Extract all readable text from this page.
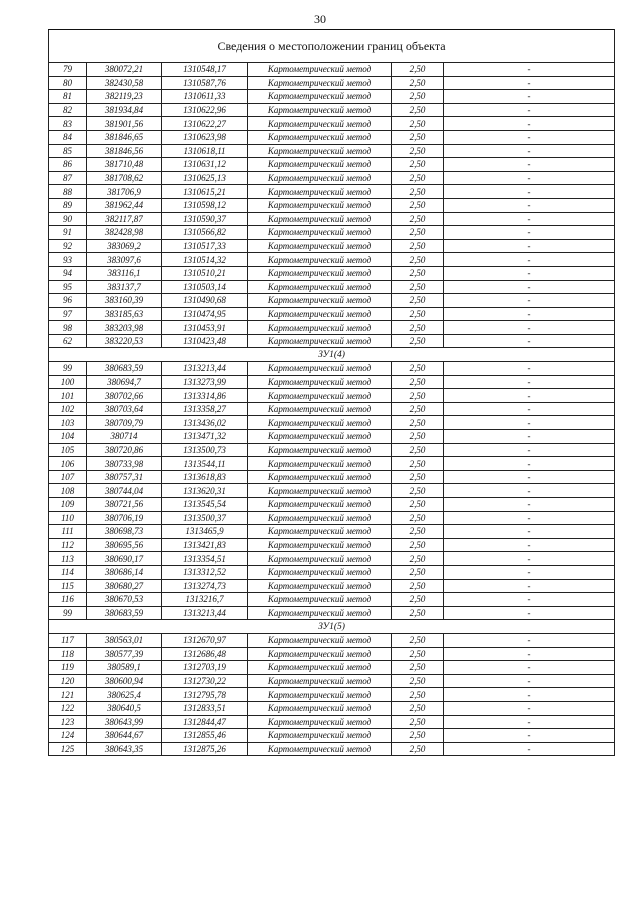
30
Сведения о местоположении границ объекта					
79	380072,21	1310548,17	Картометрический метод	2,50	-
80	382430,58	1310587,76	Картометрический метод	2,50	-
81	382119,23	1310611,33	Картометрический метод	2,50	-
82	381934,84	1310622,96	Картометрический метод	2,50	-
83	381901,56	1310622,27	Картометрический метод	2,50	-
84	381846,65	1310623,98	Картометрический метод	2,50	-
85	381846,56	1310618,11	Картометрический метод	2,50	-
86	381710,48	1310631,12	Картометрический метод	2,50	-
87	381708,62	1310625,13	Картометрический метод	2,50	-
88	381706,9	1310615,21	Картометрический метод	2,50	-
89	381962,44	1310598,12	Картометрический метод	2,50	-
90	382117,87	1310590,37	Картометрический метод	2,50	-
91	382428,98	1310566,82	Картометрический метод	2,50	-
92	383069,2	1310517,33	Картометрический метод	2,50	-
93	383097,6	1310514,32	Картометрический метод	2,50	-
94	383116,1	1310510,21	Картометрический метод	2,50	-
95	383137,7	1310503,14	Картометрический метод	2,50	-
96	383160,39	1310490,68	Картометрический метод	2,50	-
97	383185,63	1310474,95	Картометрический метод	2,50	-
98	383203,98	1310453,91	Картометрический метод	2,50	-
62	383220,53	1310423,48	Картометрический метод	2,50	-
ЗУ1(4)					
99	380683,59	1313213,44	Картометрический метод	2,50	-
100	380694,7	1313273,99	Картометрический метод	2,50	-
101	380702,66	1313314,86	Картометрический метод	2,50	-
102	380703,64	1313358,27	Картометрический метод	2,50	-
103	380709,79	1313436,02	Картометрический метод	2,50	-
104	380714	1313471,32	Картометрический метод	2,50	-
105	380720,86	1313500,73	Картометрический метод	2,50	-
106	380733,98	1313544,11	Картометрический метод	2,50	-
107	380757,31	1313618,83	Картометрический метод	2,50	-
108	380744,04	1313620,31	Картометрический метод	2,50	-
109	380721,56	1313545,54	Картометрический метод	2,50	-
110	380706,19	1313500,37	Картометрический метод	2,50	-
111	380698,73	1313465,9	Картометрический метод	2,50	-
112	380695,56	1313421,83	Картометрический метод	2,50	-
113	380690,17	1313354,51	Картометрический метод	2,50	-
114	380686,14	1313312,52	Картометрический метод	2,50	-
115	380680,27	1313274,73	Картометрический метод	2,50	-
116	380670,53	1313216,7	Картометрический метод	2,50	-
99	380683,59	1313213,44	Картометрический метод	2,50	-
ЗУ1(5)					
117	380563,01	1312670,97	Картометрический метод	2,50	-
118	380577,39	1312686,48	Картометрический метод	2,50	-
119	380589,1	1312703,19	Картометрический метод	2,50	-
120	380600,94	1312730,22	Картометрический метод	2,50	-
121	380625,4	1312795,78	Картометрический метод	2,50	-
122	380640,5	1312833,51	Картометрический метод	2,50	-
123	380643,99	1312844,47	Картометрический метод	2,50	-
124	380644,67	1312855,46	Картометрический метод	2,50	-
125	380643,35	1312875,26	Картометрический метод	2,50	-
